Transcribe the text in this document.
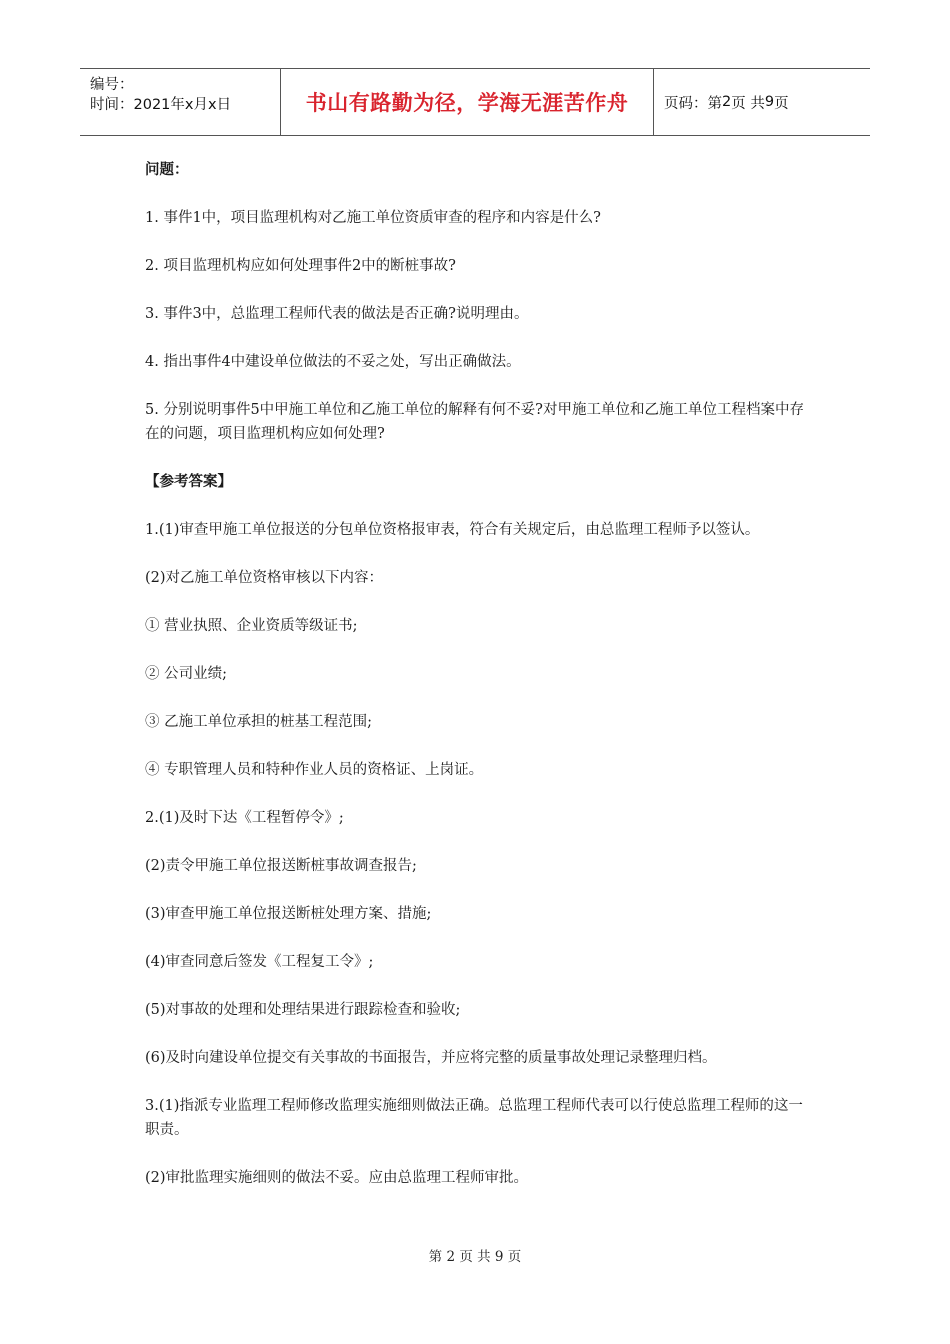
编号：
时间：2021年x月x日	书山有路勤为径，学海无涯苦作舟	页码：第 2 页 共 9 页

问题：

1. 事件1中，项目监理机构对乙施工单位资质审查的程序和内容是什么?

2. 项目监理机构应如何处理事件2中的断桩事故?

3. 事件3中，总监理工程师代表的做法是否正确?说明理由。

4. 指出事件4中建设单位做法的不妥之处，写出正确做法。

5. 分别说明事件5中甲施工单位和乙施工单位的解释有何不妥?对甲施工单位和乙施工单位工程档案中存在的问题，项目监理机构应如何处理?

【参考答案】

1.(1)审查甲施工单位报送的分包单位资格报审表，符合有关规定后，由总监理工程师予以签认。

(2)对乙施工单位资格审核以下内容：

① 营业执照、企业资质等级证书;

② 公司业绩;

③ 乙施工单位承担的桩基工程范围;

④ 专职管理人员和特种作业人员的资格证、上岗证。

2.(1)及时下达《工程暂停令》;

(2)责令甲施工单位报送断桩事故调查报告;

(3)审查甲施工单位报送断桩处理方案、措施;

(4)审查同意后签发《工程复工令》;

(5)对事故的处理和处理结果进行跟踪检查和验收;

(6)及时向建设单位提交有关事故的书面报告，并应将完整的质量事故处理记录整理归档。

3.(1)指派专业监理工程师修改监理实施细则做法正确。总监理工程师代表可以行使总监理工程师的这一职责。

(2)审批监理实施细则的做法不妥。应由总监理工程师审批。

第 2 页 共 9 页
